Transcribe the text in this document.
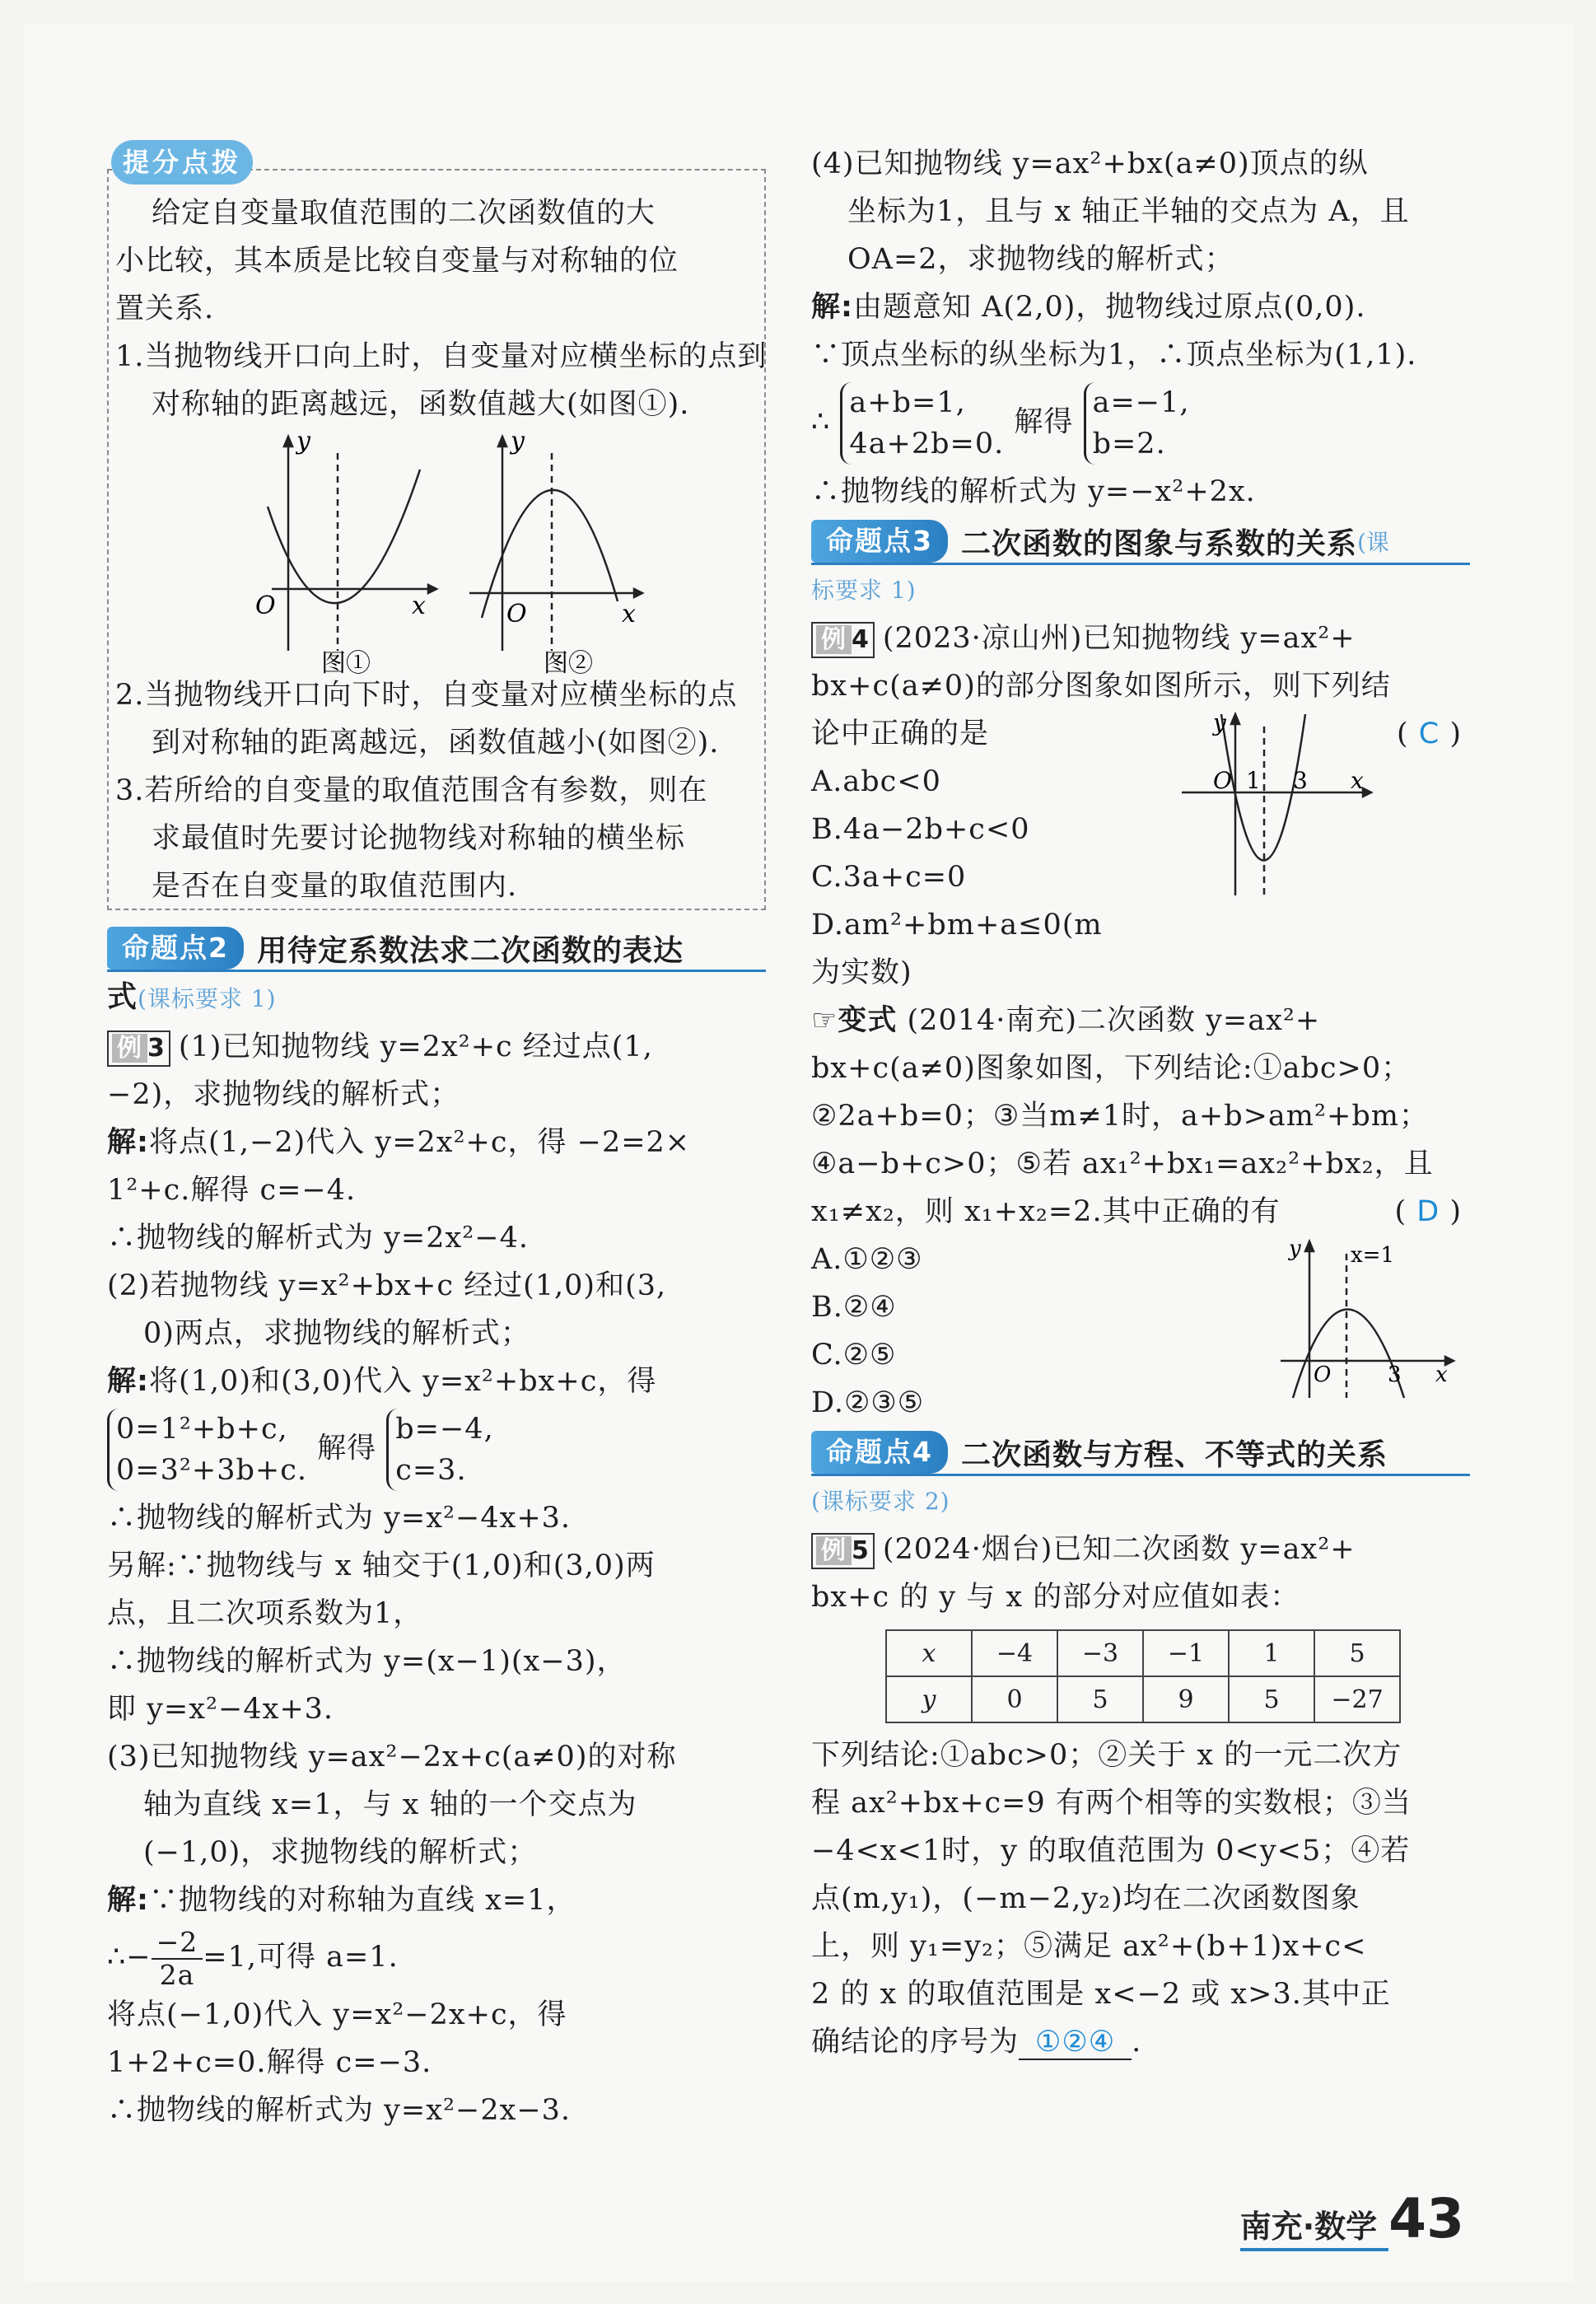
提分点拨
给定自变量取值范围的二次函数值的大
小比较，其本质是比较自变量与对称轴的位
置关系.
1.当抛物线开口向上时，自变量对应横坐标的点到
对称轴的距离越远，函数值越大(如图①).
O
y
x	O
y
x
图①	图②
2.当抛物线开口向下时，自变量对应横坐标的点
到对称轴的距离越远，函数值越小(如图②).
3.若所给的自变量的取值范围含有参数，则在
求最值时先要讨论抛物线对称轴的横坐标
是否在自变量的取值范围内.
命题点2 用待定系数法求二次函数的表达
式(课标要求 1)
例 3 (1)已知抛物线 y=2x²+c 经过点(1,
−2)，求抛物线的解析式；
解:将点(1,−2)代入 y=2x²+c，得 −2=2×
1²+c.解得 c=−4.
∴抛物线的解析式为 y=2x²−4.
(2)若抛物线 y=x²+bx+c 经过(1,0)和(3,
0)两点，求抛物线的解析式；
解:将(1,0)和(3,0)代入 y=x²+bx+c，得
0=1²+b+c,
0=3²+3b+c. 解得 b=−4,
c=3.
∴抛物线的解析式为 y=x²−4x+3.
另解:∵抛物线与 x 轴交于(1,0)和(3,0)两
点，且二次项系数为1，
∴抛物线的解析式为 y=(x−1)(x−3)，
即 y=x²−4x+3.
(3)已知抛物线 y=ax²−2x+c(a≠0)的对称
轴为直线 x=1，与 x 轴的一个交点为
(−1,0)，求抛物线的解析式；
解:∵抛物线的对称轴为直线 x=1，
∴− $\frac{-2}{2a} =1$,可得 a=1.
将点(−1,0)代入 y=x²−2x+c，得
1+2+c=0.解得 c=−3.
∴抛物线的解析式为 y=x²−2x−3.
(4)已知抛物线 y=ax²+bx(a≠0)顶点的纵
坐标为1，且与 x 轴正半轴的交点为 A，且
OA=2，求抛物线的解析式；
解:由题意知 A(2,0)，抛物线过原点(0,0).
∵顶点坐标的纵坐标为1，∴顶点坐标为(1,1).
∴ a+b=1,
4a+2b=0. 解得 a=−1,
b=2.
∴抛物线的解析式为 y=−x²+2x.
命题点3 二次函数的图象与系数的关系 (课
标要求 1)
例 4 (2023·凉山州)已知抛物线 y=ax²+
bx+c(a≠0)的部分图象如图所示，则下列结
论中正确的是	( C )
A.abc<0
B.4a−2b+c<0
C.3a+c=0
D.am²+bm+a≤0(m
为实数)
O 1 3 x
y
☞变式 (2014·南充)二次函数 y=ax²+
bx+c(a≠0)图象如图，下列结论:①abc>0；
②2a+b=0；③当m≠1时，a+b>am²+bm；
④a−b+c>0；⑤若 ax₁²+bx₁=ax₂²+bx₂，且
x₁≠x₂，则 x₁+x₂=2.其中正确的有	( D )
A.①②③
B.②④
C.②⑤
D.②③⑤
O	3 x
y x=1
命题点4 二次函数与方程、不等式的关系
(课标要求 2)
例 5 (2024·烟台)已知二次函数 y=ax²+
bx+c 的 y 与 x 的部分对应值如表：
x	−4	−3	−1	1	5
y	0	5	9	5	−27
下列结论:①abc>0；②关于 x 的一元二次方
程 ax²+bx+c=9 有两个相等的实数根；③当
−4<x<1时，y 的取值范围为 0<y<5；④若
点(m,y₁)，(−m−2,y₂)均在二次函数图象
上，则 y₁=y₂；⑤满足 ax²+(b+1)x+c<
2 的 x 的取值范围是 x<−2 或 x>3.其中正
确结论的序号为 ①②④ .
南充·数学 43
